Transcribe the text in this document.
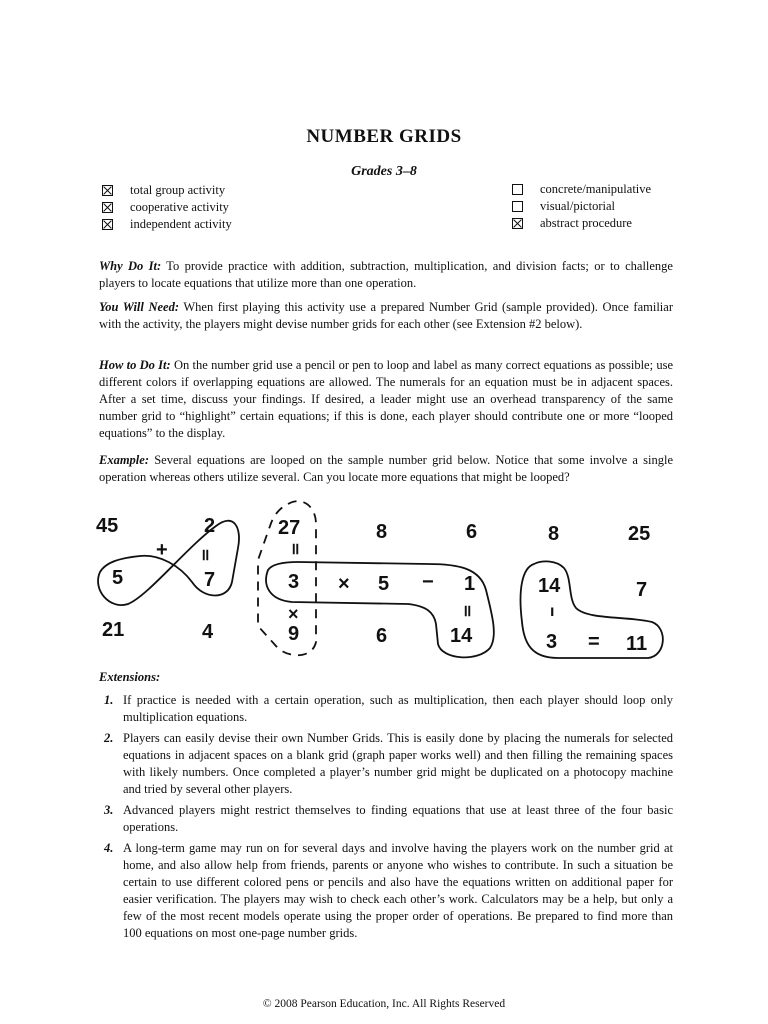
NUMBER GRIDS
Grades 3–8
total group activity
cooperative activity
independent activity
concrete/manipulative
visual/pictorial
abstract procedure

Why Do It: To provide practice with addition, subtraction, multiplication, and division facts; or to challenge players to locate equations that utilize more than one operation.

You Will Need: When first playing this activity use a prepared Number Grid (sample provided). Once familiar with the activity, the players might devise number grids for each other (see Extension #2 below).

How to Do It: On the number grid use a pencil or pen to loop and label as many correct equations as possible; use different colors if overlapping equations are allowed. The numerals for an equation must be in adjacent spaces. After a set time, discuss your findings. If desired, a leader might use an overhead transparency of the same number grid to “highlight” certain equations; if this is done, each player should contribute one or more “looped equations” to the display.

Example: Several equations are looped on the sample number grid below. Notice that some involve a single operation whereas others utilize several. Can you locate more equations that might be looped?

45	2	27	8	6	8	25
+ ॥	॥
5	7	3 × 5 − 1	14	7
×	॥	ı
21	4	9	6	14	3 = 11
Extensions:
1. If practice is needed with a certain operation, such as multiplication, then each player should loop only multiplication equations.
2. Players can easily devise their own Number Grids. This is easily done by placing the numerals for selected equations in adjacent spaces on a blank grid (graph paper works well) and then filling the remaining spaces with likely numbers. Once completed a player’s number grid might be duplicated on a photocopy machine and tried by several other players.
3. Advanced players might restrict themselves to finding equations that use at least three of the four basic operations.
4. A long-term game may run on for several days and involve having the players work on the number grid at home, and also allow help from friends, parents or anyone who wishes to contribute. In such a situation be certain to use different colored pens or pencils and also have the equations written on additional paper for easier verification. The players may wish to check each other’s work. Calculators may be a help, but only a few of the most recent models operate using the proper order of operations. Be prepared to find more than 100 equations on most one-page number grids.
© 2008 Pearson Education, Inc. All Rights Reserved
